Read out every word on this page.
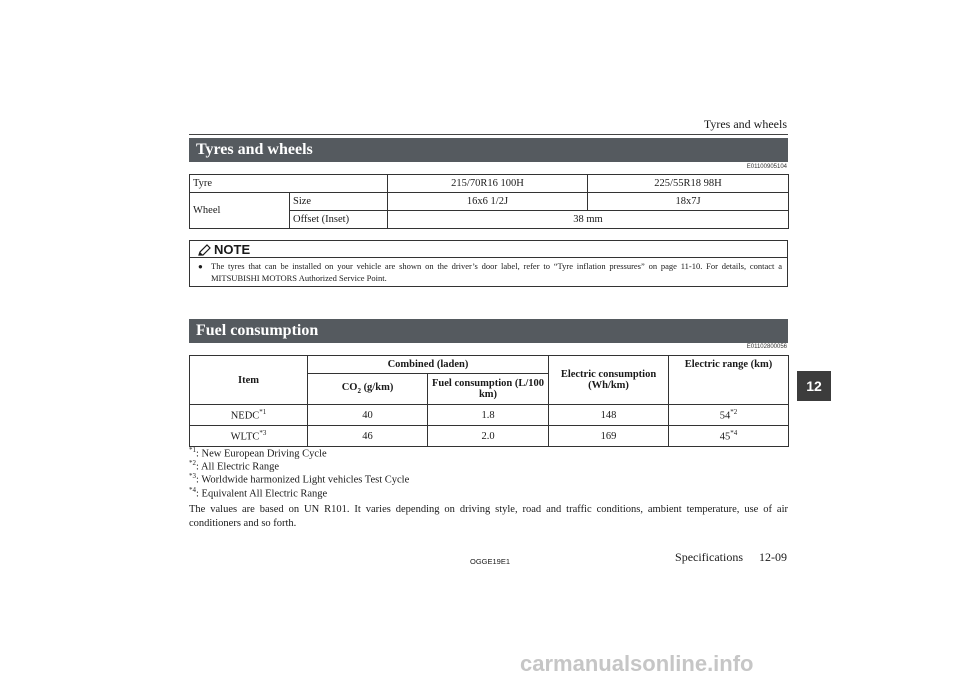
Tyres and wheels
Tyres and wheels
E01100905104
Tyre		215/70R16 100H	225/55R18 98H
Wheel	Size	16x6 1/2J	18x7J
	Offset (Inset)	38 mm	
NOTE
● The tyres that can be installed on your vehicle are shown on the driver’s door label, refer to “Tyre inflation pressures” on page 11-10. For details, contact a MITSUBISHI MOTORS Authorized Service Point.
Fuel consumption
E01102800056
Item	Combined (laden)		Electric consumption (Wh/km)	Electric range (km)
	$CO_2$ (g/km)	Fuel consumption (L/100 km)		
NEDC$^{*1}$	40	1.8	148	54$^{*2}$
WLTC$^{*3}$	46	2.0	169	45$^{*4}$
$^{*1}$: New European Driving Cycle
$^{*2}$: All Electric Range
$^{*3}$: Worldwide harmonized Light vehicles Test Cycle
$^{*4}$: Equivalent All Electric Range
The values are based on UN R101. It varies depending on driving style, road and traffic conditions, ambient temperature, use of air conditioners and so forth.
OGGE19E1	Specifications 12-09
12
carmanualsonline.info
